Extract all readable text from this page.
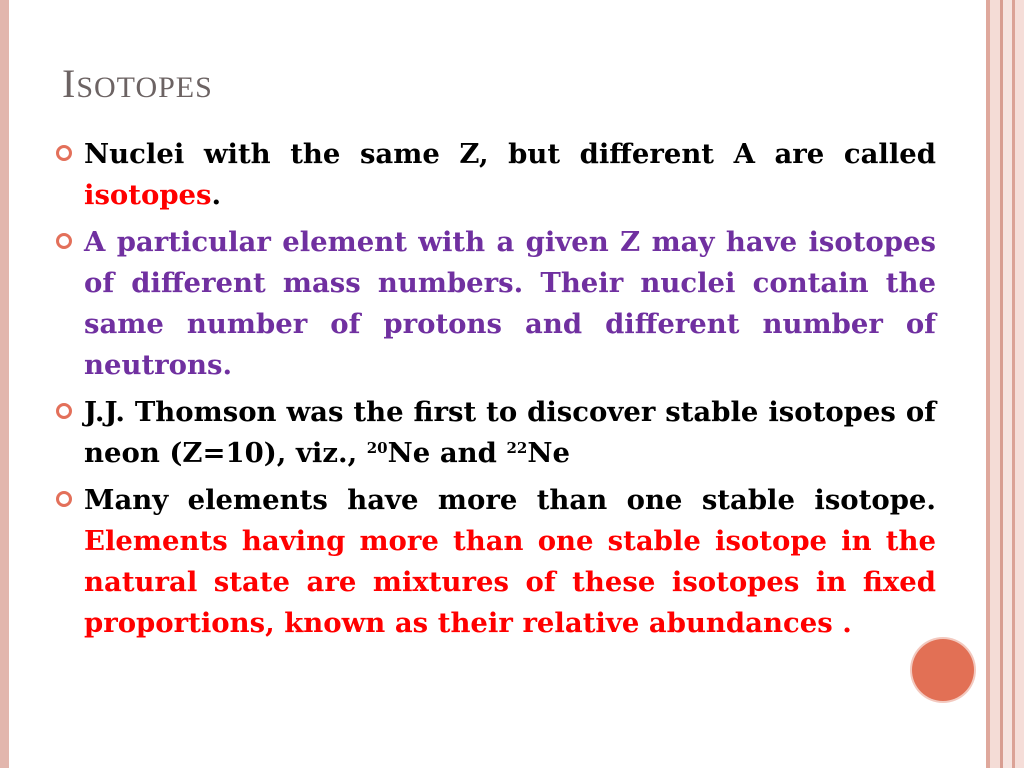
ISOTOPES
Nuclei with the same Z, but different A are called isotopes.
A particular element with a given Z may have isotopes of different mass numbers. Their nuclei contain the same number of protons and different number of neutrons.
J.J. Thomson was the first to discover stable isotopes of neon (Z=10), viz., $^{20}$Ne and $^{22}$Ne
Many elements have more than one stable isotope. Elements having more than one stable isotope in the natural state are mixtures of these isotopes in fixed proportions, known as their relative abundances .
